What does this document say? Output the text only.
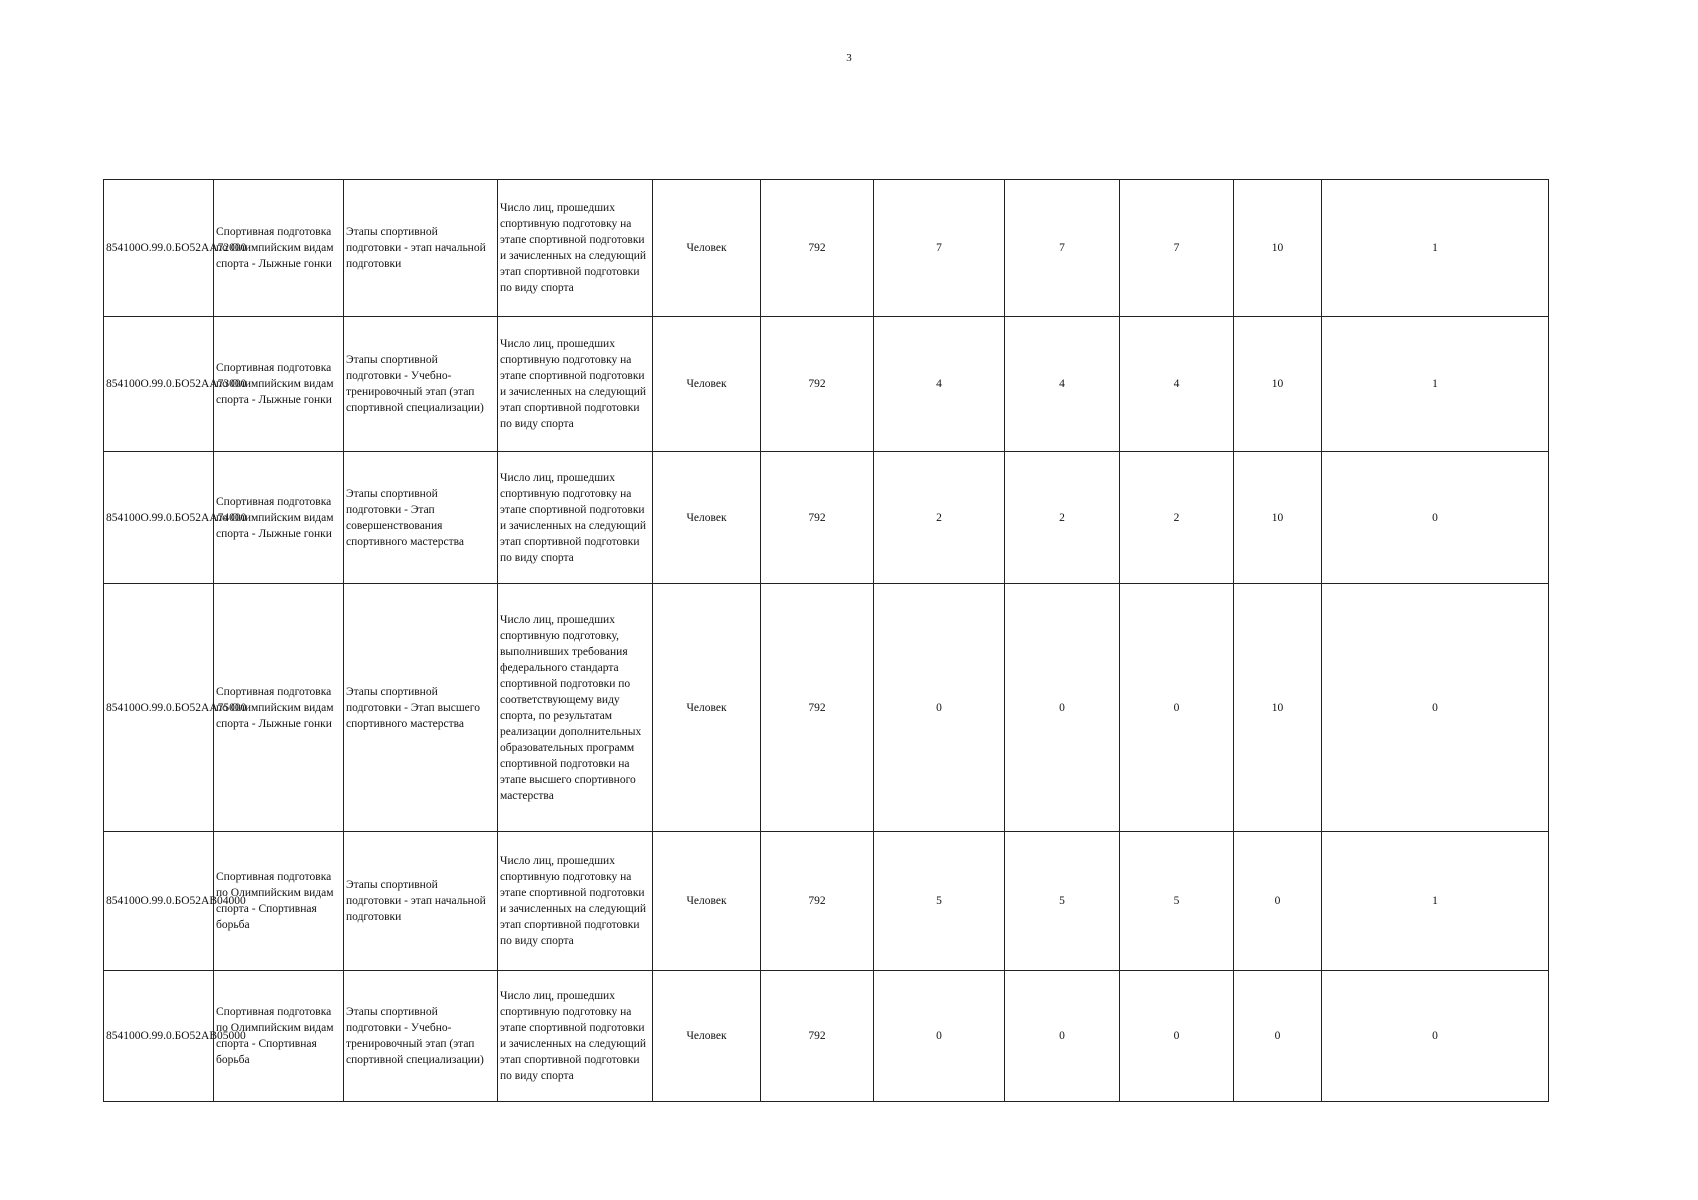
3
854100О.99.0.БО52АА72000	Спортивная подготовка по Олимпийским видам спорта - Лыжные гонки	Этапы спортивной подготовки - этап начальной подготовки	Число лиц, прошедших спортивную подготовку на этапе спортивной подготовки и зачисленных на следующий этап спортивной подготовки по виду спорта	Человек	792	7	7	7	10	1
854100О.99.0.БО52АА73000	Спортивная подготовка по Олимпийским видам спорта - Лыжные гонки	Этапы спортивной подготовки - Учебно-тренировочный этап (этап спортивной специализации)	Число лиц, прошедших спортивную подготовку на этапе спортивной подготовки и зачисленных на следующий этап спортивной подготовки по виду спорта	Человек	792	4	4	4	10	1
854100О.99.0.БО52АА74000	Спортивная подготовка по Олимпийским видам спорта - Лыжные гонки	Этапы спортивной подготовки - Этап совершенствования спортивного мастерства	Число лиц, прошедших спортивную подготовку на этапе спортивной подготовки и зачисленных на следующий этап спортивной подготовки по виду спорта	Человек	792	2	2	2	10	0
854100О.99.0.БО52АА75000	Спортивная подготовка по Олимпийским видам спорта - Лыжные гонки	Этапы спортивной подготовки - Этап высшего спортивного мастерства	Число лиц, прошедших спортивную подготовку, выполнивших требования федерального стандарта спортивной подготовки по соответствующему виду спорта, по результатам реализации дополнительных образовательных программ спортивной подготовки на этапе высшего спортивного мастерства	Человек	792	0	0	0	10	0
854100О.99.0.БО52АВ04000	Спортивная подготовка по Олимпийским видам спорта - Спортивная борьба	Этапы спортивной подготовки - этап начальной подготовки	Число лиц, прошедших спортивную подготовку на этапе спортивной подготовки и зачисленных на следующий этап спортивной подготовки по виду спорта	Человек	792	5	5	5	0	1
854100О.99.0.БО52АВ05000	Спортивная подготовка по Олимпийским видам спорта - Спортивная борьба	Этапы спортивной подготовки - Учебно-тренировочный этап (этап спортивной специализации)	Число лиц, прошедших спортивную подготовку на этапе спортивной подготовки и зачисленных на следующий этап спортивной подготовки по виду спорта	Человек	792	0	0	0	0	0
